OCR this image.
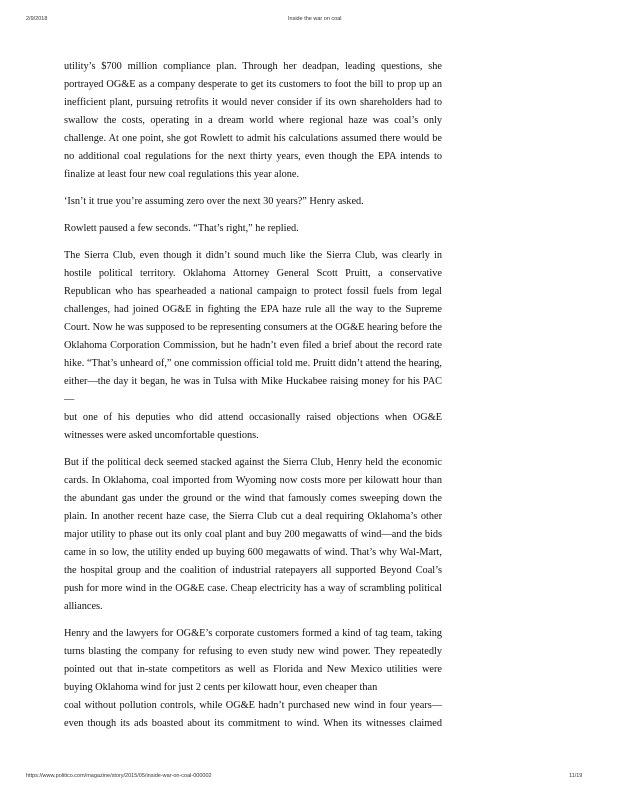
2/9/2018	Inside the war on coal

utility’s $700 million compliance plan. Through her deadpan, leading questions, she
portrayed OG&E as a company desperate to get its customers to foot the bill to prop up an
inefficient plant, pursuing retrofits it would never consider if its own shareholders had to
swallow the costs, operating in a dream world where regional haze was coal’s only
challenge. At one point, she got Rowlett to admit his calculations assumed there would be
no additional coal regulations for the next thirty years, even though the EPA intends to
finalize at least four new coal regulations this year alone.

‘Isn’t it true you’re assuming zero over the next 30 years?” Henry asked.

Rowlett paused a few seconds. “That’s right,” he replied.

The Sierra Club, even though it didn’t sound much like the Sierra Club, was clearly in
hostile political territory. Oklahoma Attorney General Scott Pruitt, a conservative
Republican who has spearheaded a national campaign to protect fossil fuels from legal
challenges, had joined OG&E in fighting the EPA haze rule all the way to the Supreme
Court. Now he was supposed to be representing consumers at the OG&E hearing before the
Oklahoma Corporation Commission, but he hadn’t even filed a brief about the record rate
hike. “That’s unheard of,” one commission official told me. Pruitt didn’t attend the hearing,
either—the day it began, he was in Tulsa with Mike Huckabee raising money for his PAC—
but one of his deputies who did attend occasionally raised objections when OG&E
witnesses were asked uncomfortable questions.

But if the political deck seemed stacked against the Sierra Club, Henry held the economic
cards. In Oklahoma, coal imported from Wyoming now costs more per kilowatt hour than
the abundant gas under the ground or the wind that famously comes sweeping down the
plain. In another recent haze case, the Sierra Club cut a deal requiring Oklahoma’s other
major utility to phase out its only coal plant and buy 200 megawatts of wind—and the bids
came in so low, the utility ended up buying 600 megawatts of wind. That’s why Wal-Mart,
the hospital group and the coalition of industrial ratepayers all supported Beyond Coal’s
push for more wind in the OG&E case. Cheap electricity has a way of scrambling political
alliances.

Henry and the lawyers for OG&E’s corporate customers formed a kind of tag team, taking
turns blasting the company for refusing to even study new wind power. They repeatedly
pointed out that in-state competitors as well as Florida and New Mexico utilities were
buying Oklahoma wind for just 2 cents per kilowatt hour, even cheaper than
coal without pollution controls, while OG&E hadn’t purchased new wind in four years—
even though its ads boasted about its commitment to wind. When its witnesses claimed

https://www.politico.com/magazine/story/2015/05/inside-war-on-coal-000002	11/19
